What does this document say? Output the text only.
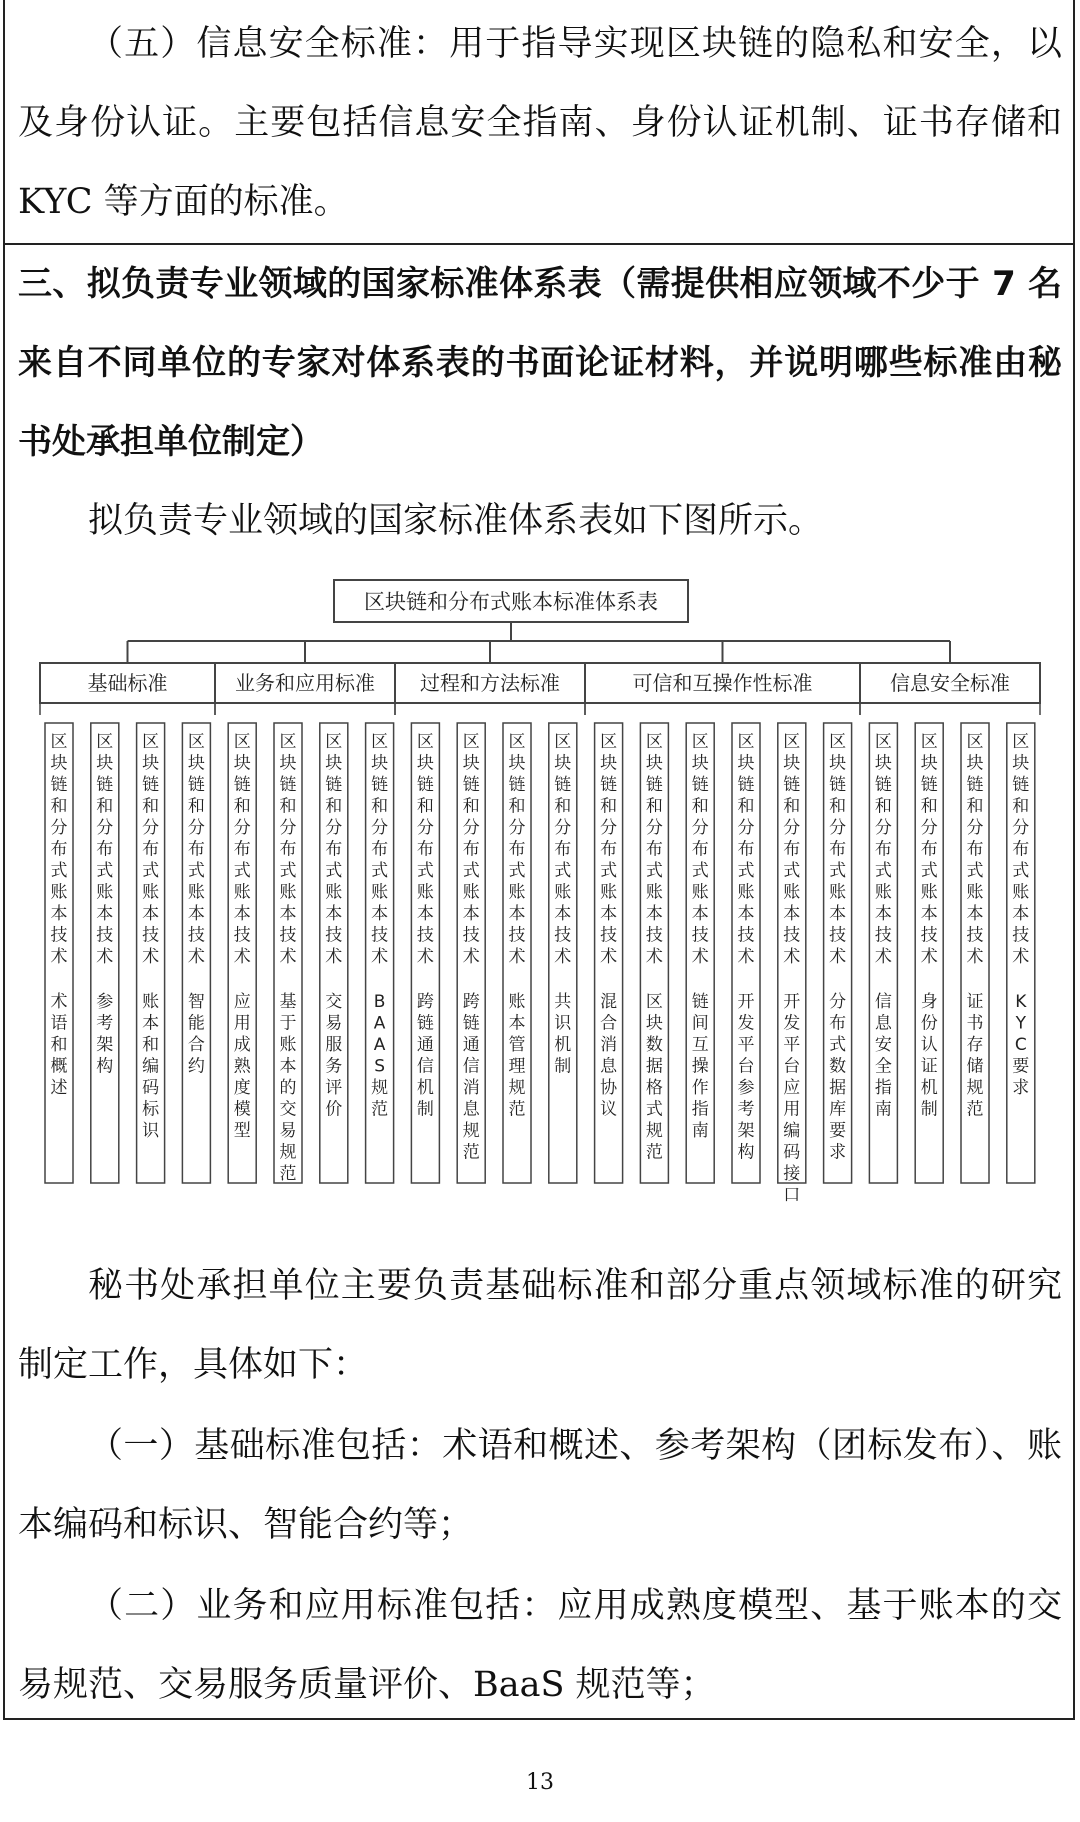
（五）信息安全标准：用于指导实现区块链的隐私和安全，以及身份认证。主要包括信息安全指南、身份认证机制、证书存储和 KYC 等方面的标准。

三、拟负责专业领域的国家标准体系表（需提供相应领域不少于 7 名来自不同单位的专家对体系表的书面论证材料，并说明哪些标准由秘书处承担单位制定）

拟负责专业领域的国家标准体系表如下图所示。

区块链和分布式账本标准体系表
基础标准
区
块
链
和
分
布
式
账
本
技
术
术
语
和
概
述
区
块
链
和
分
布
式
账
本
技
术
参
考
架
构
区
块
链
和
分
布
式
账
本
技
术
账
本
和
编
码
标
识
区
块
链
和
分
布
式
账
本
技
术
智
能
合
约
业务和应用标准
区
块
链
和
分
布
式
账
本
技
术
应
用
成
熟
度
模
型
区
块
链
和
分
布
式
账
本
技
术
基
于
账
本
的
交
易
规
范
区
块
链
和
分
布
式
账
本
技
术
交
易
服
务
评
价
区
块
链
和
分
布
式
账
本
技
术
B
A
A
S
规
范
过程和方法标准
区
块
链
和
分
布
式
账
本
技
术
跨
链
通
信
机
制
区
块
链
和
分
布
式
账
本
技
术
跨
链
通
信
消
息
规
范
区
块
链
和
分
布
式
账
本
技
术
账
本
管
理
规
范
区
块
链
和
分
布
式
账
本
技
术
共
识
机
制
可信和互操作性标准
区
块
链
和
分
布
式
账
本
技
术
混
合
消
息
协
议
区
块
链
和
分
布
式
账
本
技
术
区
块
数
据
格
式
规
范
区
块
链
和
分
布
式
账
本
技
术
链
间
互
操
作
指
南
区
块
链
和
分
布
式
账
本
技
术
开
发
平
台
参
考
架
构
区
块
链
和
分
布
式
账
本
技
术
开
发
平
台
应
用
编
码
接
口
区
块
链
和
分
布
式
账
本
技
术
分
布
式
数
据
库
要
求
信息安全标准
区
块
链
和
分
布
式
账
本
技
术
信
息
安
全
指
南
区
块
链
和
分
布
式
账
本
技
术
身
份
认
证
机
制
区
块
链
和
分
布
式
账
本
技
术
证
书
存
储
规
范
区
块
链
和
分
布
式
账
本
技
术
K
Y
C
要
求

秘书处承担单位主要负责基础标准和部分重点领域标准的研究制定工作，具体如下：

（一）基础标准包括：术语和概述、参考架构（团标发布）、账本编码和标识、智能合约等；

（二）业务和应用标准包括：应用成熟度模型、基于账本的交易规范、交易服务质量评价、BaaS 规范等；

13
